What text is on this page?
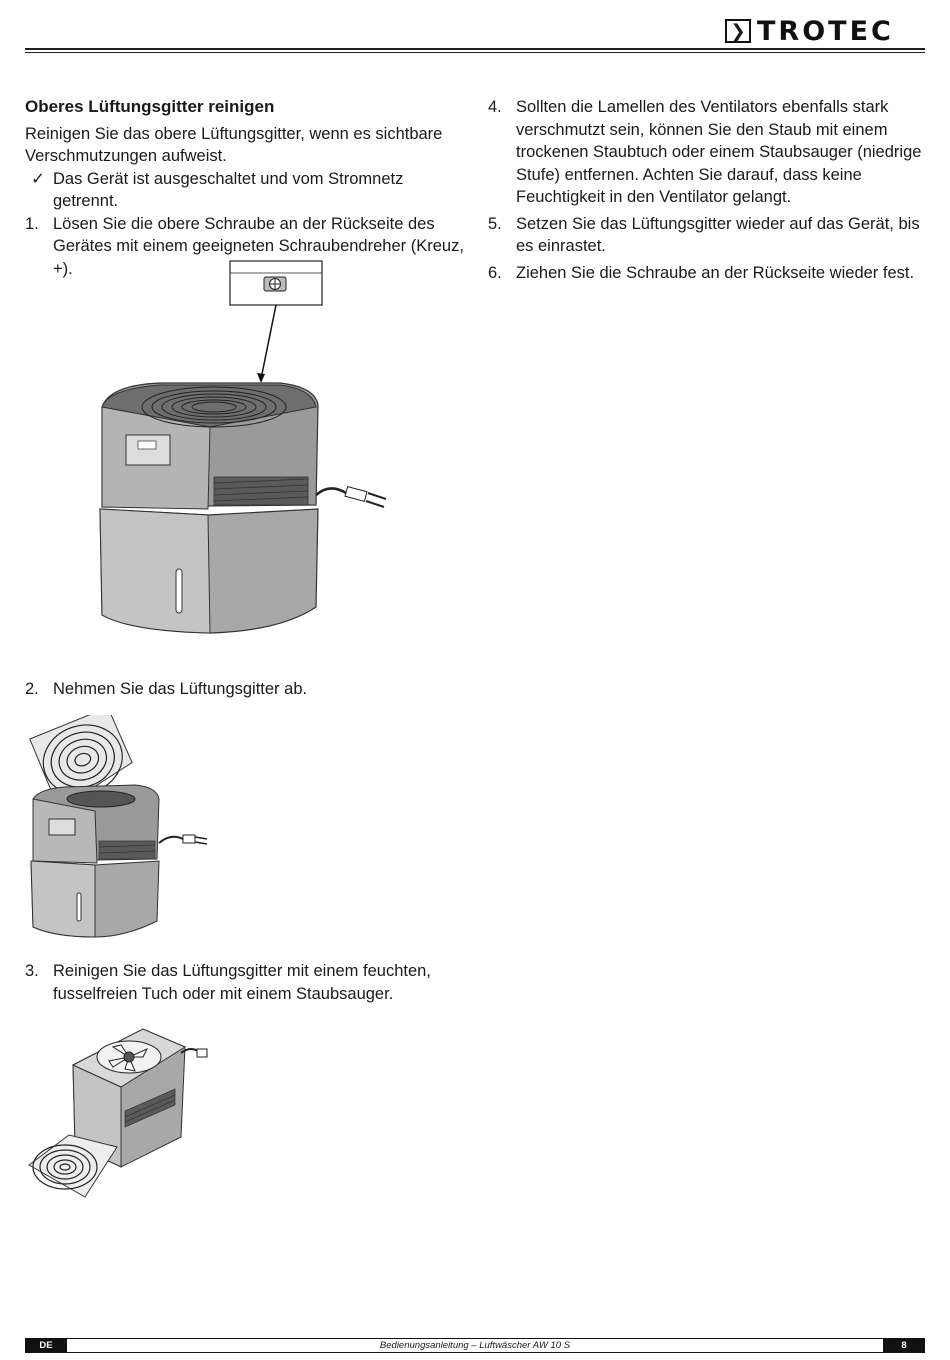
❯ TROTEC
Oberes Lüftungsgitter reinigen
Reinigen Sie das obere Lüftungsgitter, wenn es sichtbare Verschmutzungen aufweist.
✓ Das Gerät ist ausgeschaltet und vom Stromnetz getrennt.
1. Lösen Sie die obere Schraube an der Rückseite des Gerätes mit einem geeigneten Schraubendreher (Kreuz, +).
2. Nehmen Sie das Lüftungsgitter ab.
3. Reinigen Sie das Lüftungsgitter mit einem feuchten, fusselfreien Tuch oder mit einem Staubsauger.
4. Sollten die Lamellen des Ventilators ebenfalls stark verschmutzt sein, können Sie den Staub mit einem trockenen Staubtuch oder einem Staubsauger (niedrige Stufe) entfernen. Achten Sie darauf, dass keine Feuchtigkeit in den Ventilator gelangt.
5. Setzen Sie das Lüftungsgitter wieder auf das Gerät, bis es einrastet.
6. Ziehen Sie die Schraube an der Rückseite wieder fest.
DE	Bedienungsanleitung – Luftwäscher AW 10 S	8
